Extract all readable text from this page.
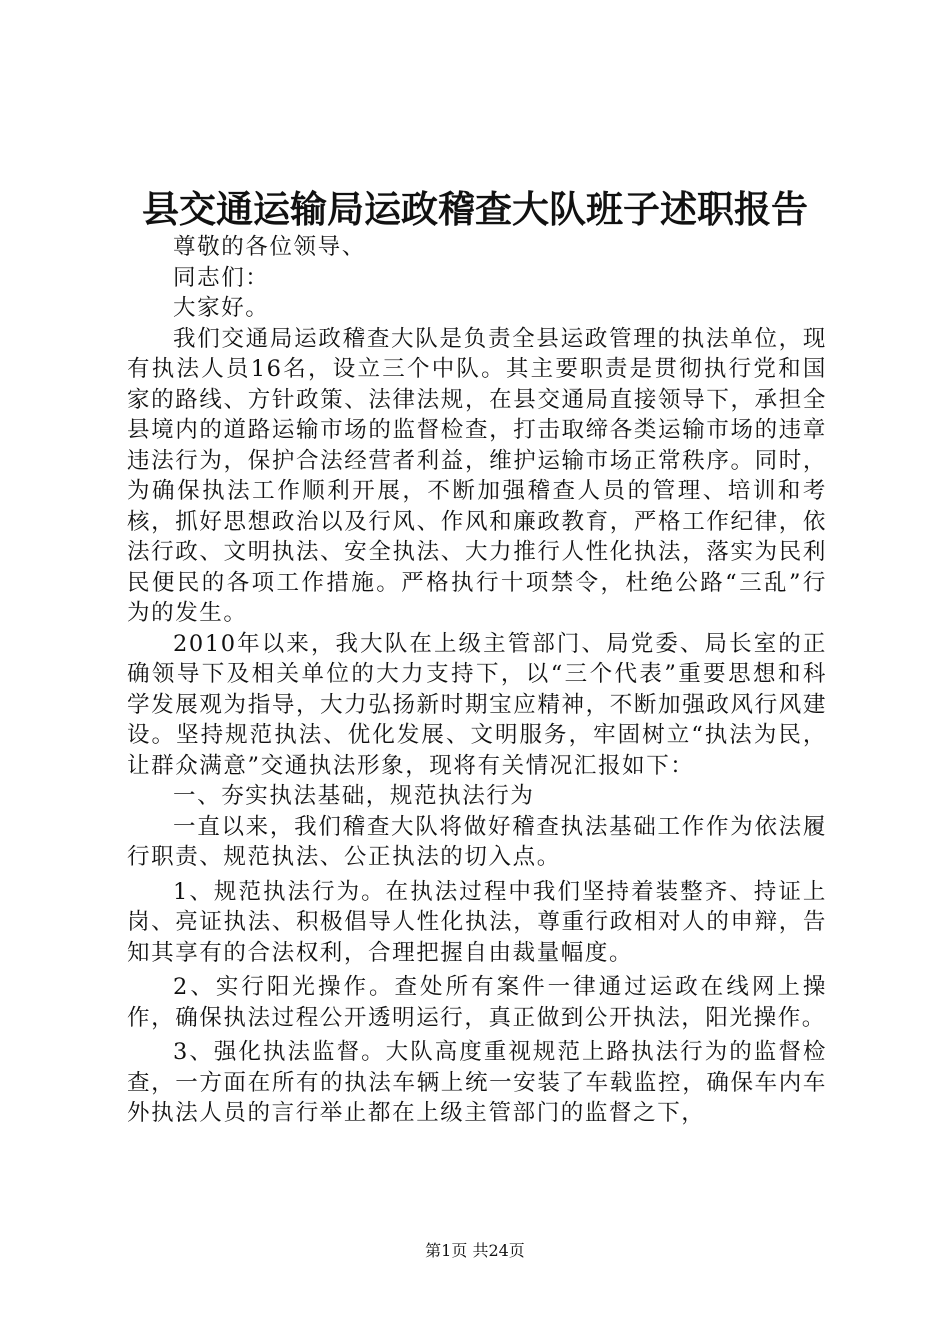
县交通运输局运政稽查大队班子述职报告

尊敬的各位领导、

同志们：

大家好。

我们交通局运政稽查大队是负责全县运政管理的执法单位，现有执法人员16名，设立三个中队。其主要职责是贯彻执行党和国家的路线、方针政策、法律法规，在县交通局直接领导下，承担全县境内的道路运输市场的监督检查，打击取缔各类运输市场的违章违法行为，保护合法经营者利益，维护运输市场正常秩序。同时，为确保执法工作顺利开展，不断加强稽查人员的管理、培训和考核，抓好思想政治以及行风、作风和廉政教育，严格工作纪律，依法行政、文明执法、安全执法、大力推行人性化执法，落实为民利民便民的各项工作措施。严格执行十项禁令，杜绝公路“三乱”行为的发生。

2010年以来，我大队在上级主管部门、局党委、局长室的正确领导下及相关单位的大力支持下，以“三个代表”重要思想和科学发展观为指导，大力弘扬新时期宝应精神，不断加强政风行风建设。坚持规范执法、优化发展、文明服务，牢固树立“执法为民，让群众满意”交通执法形象，现将有关情况汇报如下：

一、夯实执法基础，规范执法行为

一直以来，我们稽查大队将做好稽查执法基础工作作为依法履行职责、规范执法、公正执法的切入点。

1、规范执法行为。在执法过程中我们坚持着装整齐、持证上岗、亮证执法、积极倡导人性化执法，尊重行政相对人的申辩，告知其享有的合法权利，合理把握自由裁量幅度。

2、实行阳光操作。查处所有案件一律通过运政在线网上操作，确保执法过程公开透明运行，真正做到公开执法，阳光操作。

3、强化执法监督。大队高度重视规范上路执法行为的监督检查，一方面在所有的执法车辆上统一安装了车载监控，确保车内车外执法人员的言行举止都在上级主管部门的监督之下，

第1页 共24页
